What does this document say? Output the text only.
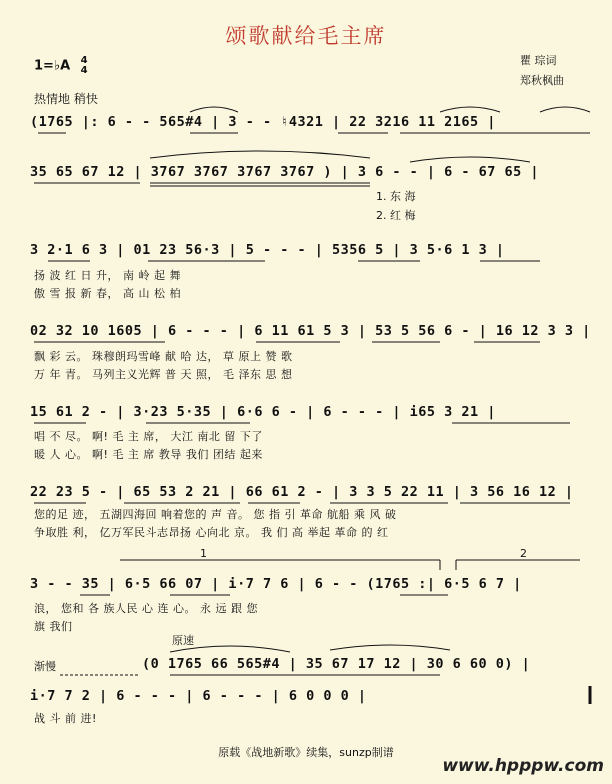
颂歌献给毛主席
1=♭A 4
4
瞿 琮词
郑秋枫曲
热情地 稍快
(1765 |: 6 - - 565#4 | 3 - - ♮4321 | 22 3216 11 2165 |
35 65 67 12 | 3767 3767 3767 3767 ) | 3 6 - - | 6 - 67 65 |
1. 东 海
2. 红 梅
3 2·1 6 3 | 01 23 56·3 | 5 - - - | 5356 5 | 3 5·6 1 3 |
扬 波 红 日 升， 南 岭 起 舞
傲 雪 报 新 春， 高 山 松 柏
02 32 10 1605 | 6 - - - | 6 11 61 5 3 | 53 5 56 6 - | 16 12 3 3 |
飘 彩 云。 珠穆朗玛雪峰 献 哈 达， 草 原上 赞 歌
万 年 青。 马列主义光辉 普 天 照， 毛 泽东 思 想
15 61 2 - | 3·23 5·35 | 6·6 6 - | 6 - - - | i65 3 21 |
唱 不 尽。 啊! 毛 主 席， 大江 南北 留 下了
暖 人 心。 啊! 毛 主 席 教导 我们 团结 起来
22 23 5 - | 65 53 2 21 | 66 61 2 - | 3 3 5 22 11 | 3 56 16 12 |
您的足 迹， 五湖四海回 响着您的 声 音。 您 指 引 革命 航船 乘 风 破
争取胜 利， 亿万军民斗志昂扬 心向北 京。 我 们 高 举起 革命 的 红
1	2
3 - - 35 | 6·5 66 07 | i·7 7 6 | 6 - - (1765 :| 6·5 6 7 |
浪， 您和 各 族人民 心 连 心。 永 远 跟 您
旗 我们
原速
渐慢	(0 1765 66 565#4 | 35 67 17 12 | 30 6 60 0) |
i·7 7 2 | 6 - - - | 6 - - - | 6 0 0 0 |
战 斗 前 进!
原载《战地新歌》续集，sunzp制谱
www.hpppw.com
